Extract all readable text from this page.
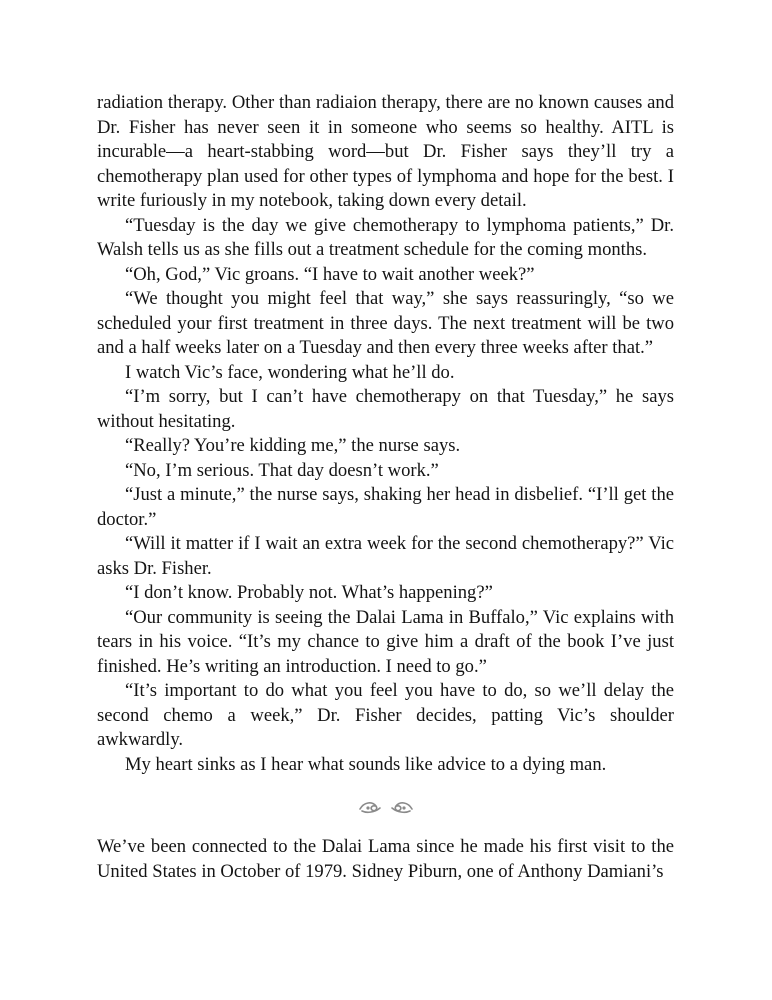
radiation therapy. Other than radiaion therapy, there are no known causes and Dr. Fisher has never seen it in someone who seems so healthy. AITL is incurable—a heart-stabbing word—but Dr. Fisher says they’ll try a chemotherapy plan used for other types of lymphoma and hope for the best. I write furiously in my notebook, taking down every detail.

“Tuesday is the day we give chemotherapy to lymphoma patients,” Dr. Walsh tells us as she fills out a treatment schedule for the coming months.

“Oh, God,” Vic groans. “I have to wait another week?”

“We thought you might feel that way,” she says reassuringly, “so we scheduled your first treatment in three days. The next treatment will be two and a half weeks later on a Tuesday and then every three weeks after that.”

I watch Vic’s face, wondering what he’ll do.

“I’m sorry, but I can’t have chemotherapy on that Tuesday,” he says without hesitating.

“Really? You’re kidding me,” the nurse says.

“No, I’m serious. That day doesn’t work.”

“Just a minute,” the nurse says, shaking her head in disbelief. “I’ll get the doctor.”

“Will it matter if I wait an extra week for the second chemotherapy?” Vic asks Dr. Fisher.

“I don’t know. Probably not. What’s happening?”

“Our community is seeing the Dalai Lama in Buffalo,” Vic explains with tears in his voice. “It’s my chance to give him a draft of the book I’ve just finished. He’s writing an introduction. I need to go.”

“It’s important to do what you feel you have to do, so we’ll delay the second chemo a week,” Dr. Fisher decides, patting Vic’s shoulder awkwardly.

My heart sinks as I hear what sounds like advice to a dying man.

We’ve been connected to the Dalai Lama since he made his first visit to the United States in October of 1979. Sidney Piburn, one of Anthony Damiani’s
